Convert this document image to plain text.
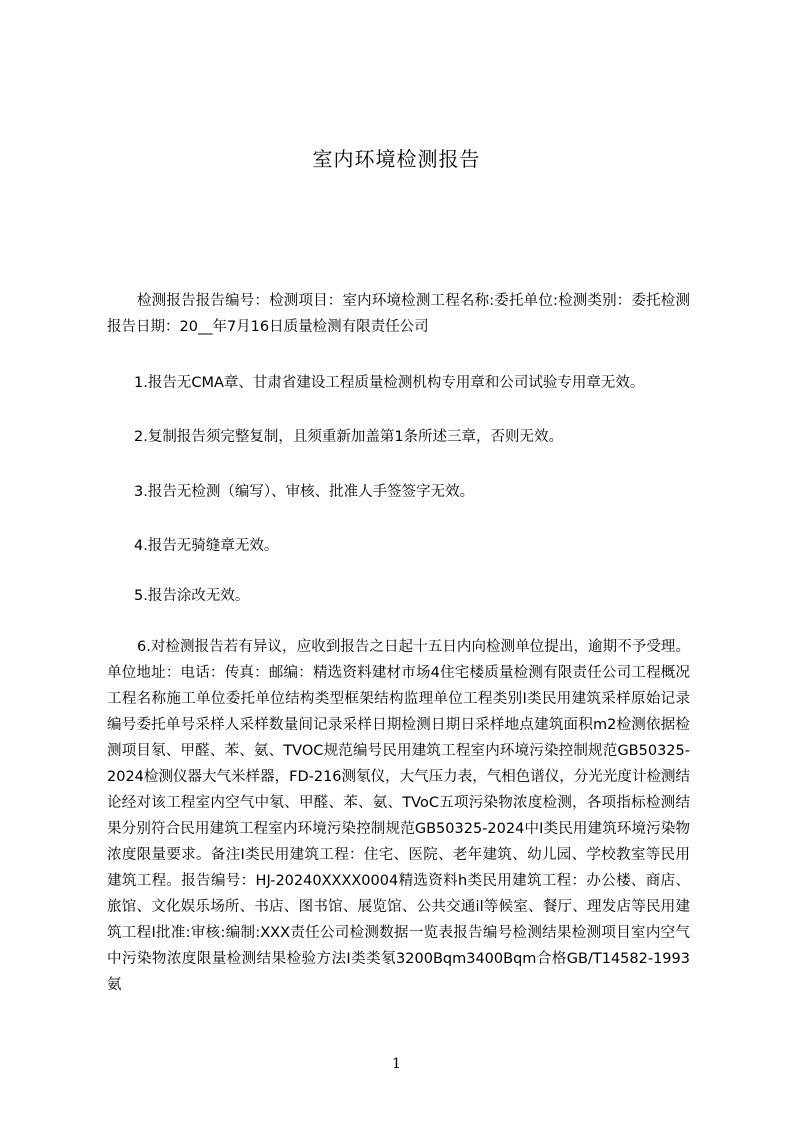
室内环境检测报告

检测报告报告编号：检测项目：室内环境检测工程名称:委托单位:检测类别：委托检测报告日期：20__年7月16日质量检测有限责任公司

1.报告无CMA章、甘肃省建设工程质量检测机构专用章和公司试验专用章无效。

2.复制报告须完整复制，且须重新加盖第1条所述三章，否则无效。

3.报告无检测（编写）、审核、批准人手签签字无效。

4.报告无骑缝章无效。

5.报告涂改无效。

6.对检测报告若有异议，应收到报告之日起十五日内向检测单位提出，逾期不予受理。单位地址：电话：传真：邮编：精选资料建材市场4住宅楼质量检测有限责任公司工程概况工程名称施工单位委托单位结构类型框架结构监理单位工程类别Ⅰ类民用建筑采样原始记录编号委托单号采样人采样数量间记录采样日期检测日期日采样地点建筑面积m2检测依据检测项目氡、甲醛、苯、氨、TVOC规范编号民用建筑工程室内环境污染控制规范GB50325-2024检测仪器大气米样器，FD-216测氡仪，大气压力表，气相色谱仪，分光光度计检测结论经对该工程室内空气中氡、甲醛、苯、氨、TVoC五项污染物浓度检测，各项指标检测结果分别符合民用建筑工程室内环境污染控制规范GB50325-2024中Ⅰ类民用建筑环境污染物浓度限量要求。备注Ⅰ类民用建筑工程：住宅、医院、老年建筑、幼儿园、学校教室等民用建筑工程。报告编号：HJ-20240XXXX0004精选资料h类民用建筑工程：办公楼、商店、旅馆、文化娱乐场所、书店、图书馆、展览馆、公共交通il等候室、餐厅、理发店等民用建筑工程Ⅰ批准:审核:编制:XXX责任公司检测数据一览表报告编号检测结果检测项目室内空气中污染物浓度限量检测结果检验方法Ⅰ类类氡3200Bqm3400Bqm合格GB/T14582-1993氨

1
